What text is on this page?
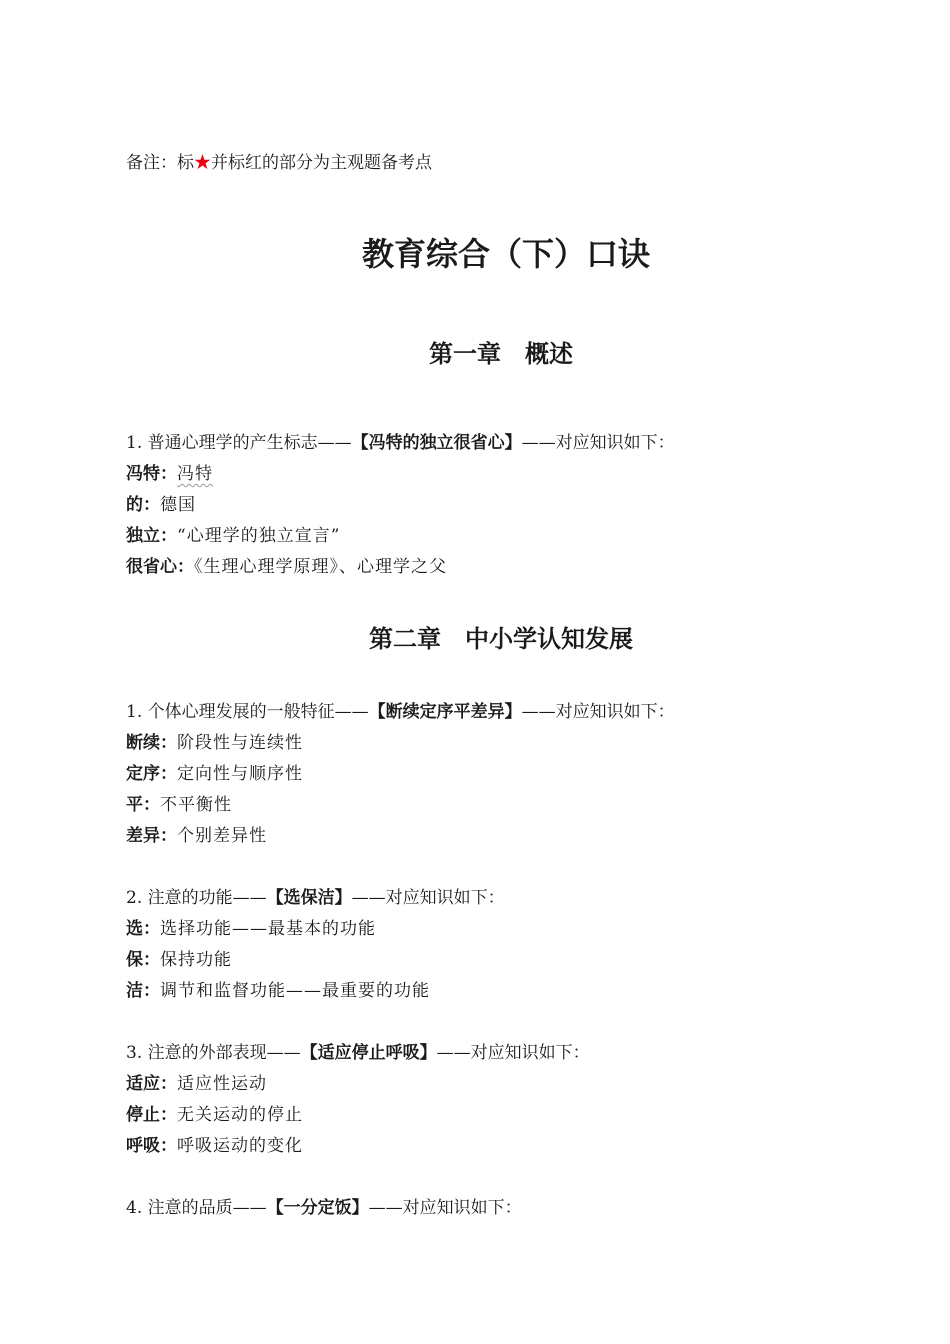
备注：标★并标红的部分为主观题备考点
教育综合（下）口诀
第一章　概述
1. 普通心理学的产生标志——【冯特的独立很省心】——对应知识如下：
冯特：冯特
的：德国
独立：“心理学的独立宣言”
很省心：《生理心理学原理》、心理学之父
第二章　中小学认知发展
1. 个体心理发展的一般特征——【断续定序平差异】——对应知识如下：
断续：阶段性与连续性
定序：定向性与顺序性
平：不平衡性
差异：个别差异性
2. 注意的功能——【选保洁】——对应知识如下：
选：选择功能——最基本的功能
保：保持功能
洁：调节和监督功能——最重要的功能
3. 注意的外部表现——【适应停止呼吸】——对应知识如下：
适应：适应性运动
停止：无关运动的停止
呼吸：呼吸运动的变化
4. 注意的品质——【一分定饭】——对应知识如下：
